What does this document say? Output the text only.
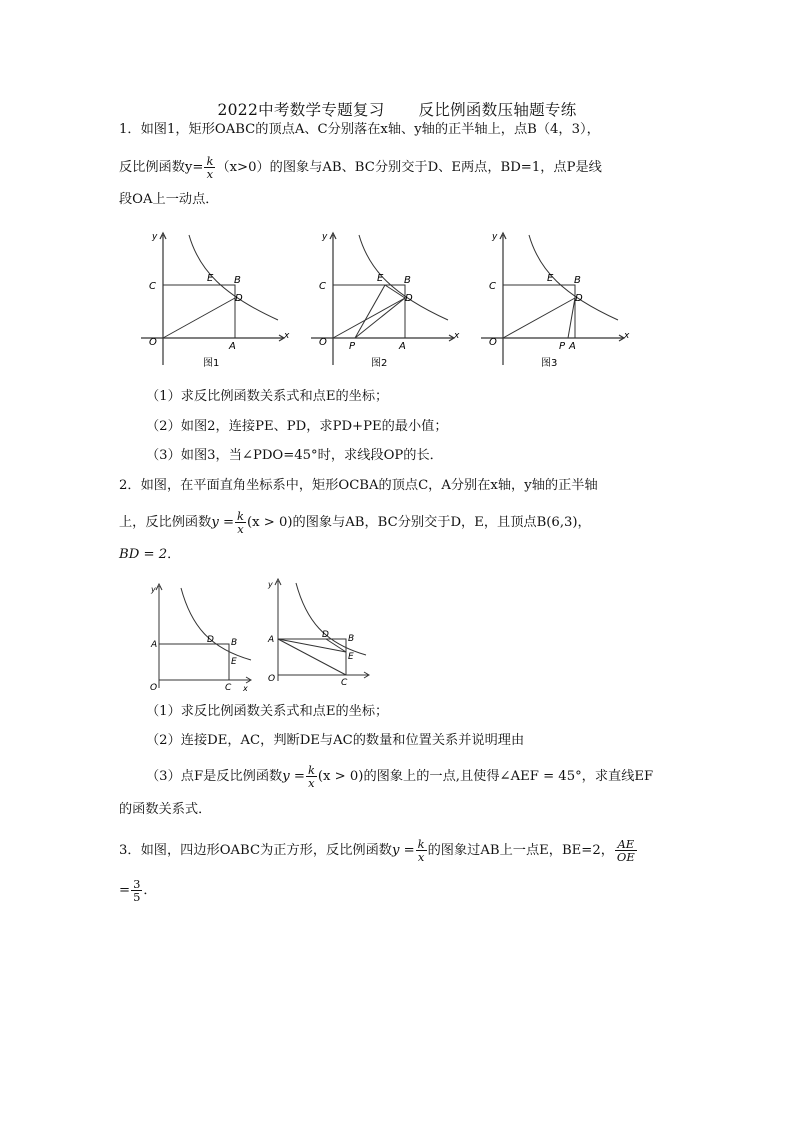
2022中考数学专题复习 反比例函数压轴题专练
1．如图1，矩形OABC的顶点A、C分别落在x轴、y轴的正半轴上，点B（4，3），
反比例函数$y= \frac{k}{x} (x>0)$的图象与AB、BC分别交于D、E两点，BD=1，点P是线
段OA上一动点．
y
x
O	A
B
C
D
E
图1
y
x
O P	A
B
C
D
E
图2
y
x
O	P A
B
C
D
E
图3
（1）求反比例函数关系式和点E的坐标；
（2）如图2，连接PE、PD，求PD+PE的最小值；
（3）如图3，当∠PDO=45°时，求线段OP的长．
2．如图，在平面直角坐标系中，矩形OCBA的顶点C，A分别在x轴，y轴的正半轴
上，反比例函数$y = \frac{k}{x} (x > 0)$的图象与AB，BC分别交于D，E，且顶点B(6,3)，
BD = 2．
y
x
O
A	B
C
D
E
y
O
A	B
C
D
E
（1）求反比例函数关系式和点E的坐标；
（2）连接DE，AC，判断DE与AC的数量和位置关系并说明理由
（3）点F是反比例函数$y = \frac{k}{x} (x > 0)$的图象上的一点,且使得∠AEF = 45°，求直线EF
的函数关系式．
3．如图，四边形OABC为正方形，反比例函数$y = \frac{k}{x}$ 的图象过AB上一点E，BE=2， $\frac{AE}{OE}$
= $\frac{3}{5}$ ．
